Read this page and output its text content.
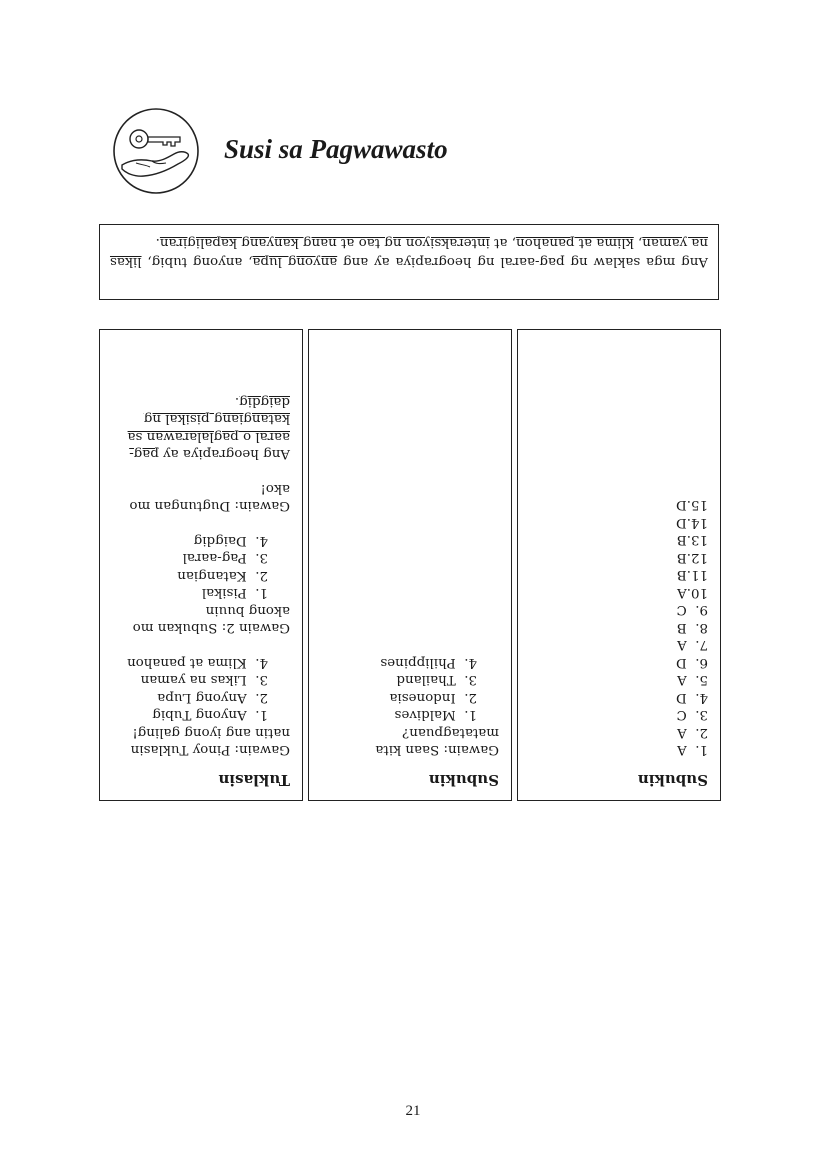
Susi sa Pagwawasto

Ang mga saklaw ng pag-aaral ng heograpiya ay ang anyong lupa, anyong tubig, likas na yaman, klima at panahon, at interaksiyon ng tao at nang kanyang kapaligiran.

Subukin
1.  A
2.  A
3.  C
4.  D
5.  A
6.  D
7.  A
8.  B
9.  C
10.A
11.B
12.B
13.B
14.D
15.D
Subukin
Gawain: Saan kita matatagpuan?
1.  Maldives
2.  Indonesia
3.  Thailand
4.  Philippines
Tuklasin
Gawain: Pinoy Tuklasin natin ang iyong galing!
1.  Anyong Tubig
2.  Anyong Lupa
3.  Likas na yaman
4.  Klima at panahon
Gawain 2: Subukan mo akong buuin
1.  Pisikal
2.  Katangian
3.  Pag-aaral
4.  Daigdig
Gawain: Dugtungan mo ako!
Ang heograpiya ay pag-aaral o paglalarawan sa katangiang pisikal ng daigdig.
21
